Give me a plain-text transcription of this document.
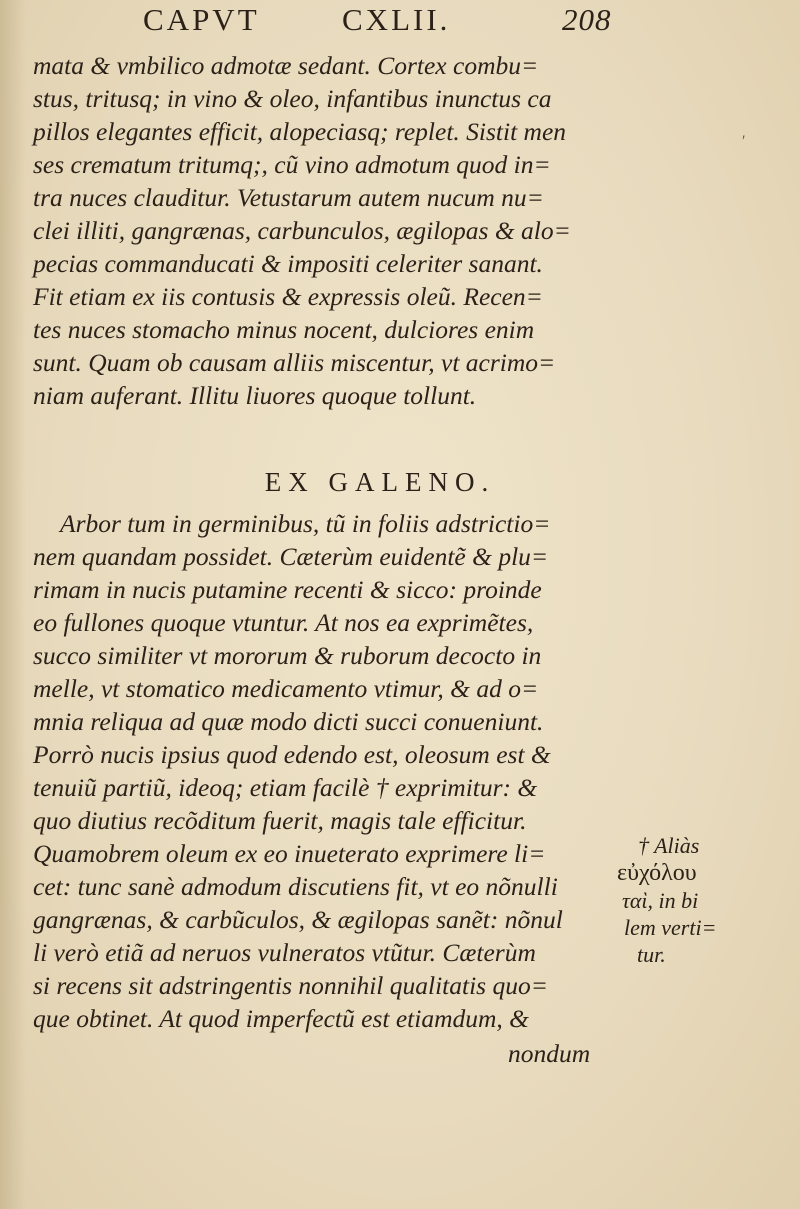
CAPVT	CXLII.	208
mata & vmbilico admotæ sedant. Cortex combu=
stus, tritusq; in vino & oleo, infantibus inunctus ca
pillos elegantes efficit, alopeciasq; replet. Sistit men
ses crematum tritumq;, cũ vino admotum quod in=
tra nuces clauditur. Vetustarum autem nucum nu=
clei illiti, gangrænas, carbunculos, ægilopas & alo=
pecias commanducati & impositi celeriter sanant.
Fit etiam ex iis contusis & expressis oleũ. Recen=
tes nuces stomacho minus nocent, dulciores enim
sunt. Quam ob causam alliis miscentur, vt acrimo=
niam auferant. Illitu liuores quoque tollunt.
EX GALENO.
Arbor tum in germinibus, tũ in foliis adstrictio=
nem quandam possidet. Cæterùm euidentẽ & plu=
rimam in nucis putamine recenti & sicco: proinde
eo fullones quoque vtuntur. At nos ea exprimẽtes,
succo similiter vt mororum & ruborum decocto in
melle, vt stomatico medicamento vtimur, & ad o=
mnia reliqua ad quæ modo dicti succi conueniunt.
Porrò nucis ipsius quod edendo est, oleosum est &
tenuiũ partiũ, ideoq; etiam facilè † exprimitur: &
quo diutius recõditum fuerit, magis tale efficitur.
Quamobrem oleum ex eo inueterato exprimere li=
cet: tunc sanè admodum discutiens fit, vt eo nõnulli
gangrænas, & carbũculos, & ægilopas sanẽt: nõnul
li verò etiã ad neruos vulneratos vtũtur. Cæterùm
si recens sit adstringentis nonnihil qualitatis quo=
que obtinet. At quod imperfectũ est etiamdum, &
nondum
† Aliàs
εὐχόλου
ταὶ, in bi
lem verti=
tur.
′
